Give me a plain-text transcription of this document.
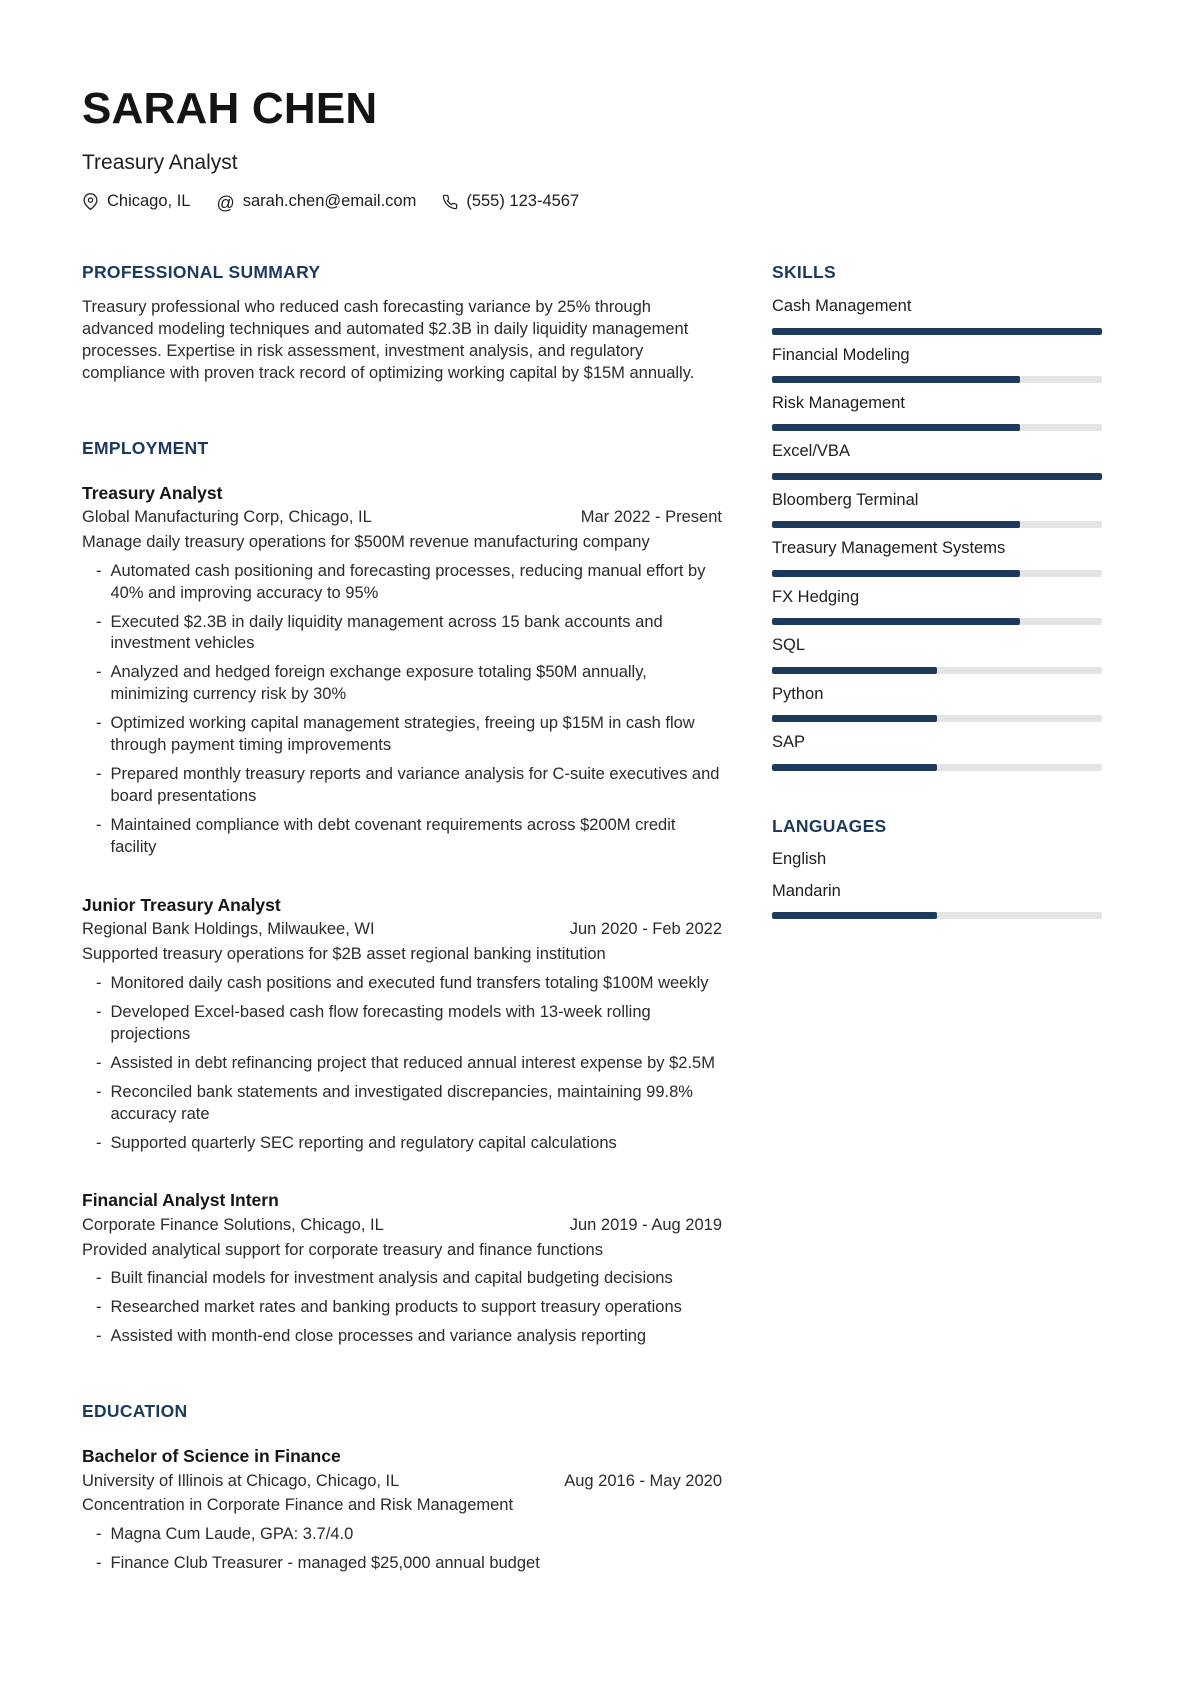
SARAH CHEN
Treasury Analyst
Chicago, IL @ sarah.chen@email.com	(555) 123-4567
PROFESSIONAL SUMMARY

Treasury professional who reduced cash forecasting variance by 25% through advanced modeling techniques and automated $2.3B in daily liquidity management processes. Expertise in risk assessment, investment analysis, and regulatory compliance with proven track record of optimizing working capital by $15M annually.

EMPLOYMENT
Treasury Analyst
Global Manufacturing Corp, Chicago, IL	Mar 2022 - Present
Manage daily treasury operations for $500M revenue manufacturing company
- Automated cash positioning and forecasting processes, reducing manual effort by 40% and improving accuracy to 95%
- Executed $2.3B in daily liquidity management across 15 bank accounts and investment vehicles
- Analyzed and hedged foreign exchange exposure totaling $50M annually, minimizing currency risk by 30%
- Optimized working capital management strategies, freeing up $15M in cash flow through payment timing improvements
- Prepared monthly treasury reports and variance analysis for C-suite executives and board presentations
- Maintained compliance with debt covenant requirements across $200M credit facility
Junior Treasury Analyst
Regional Bank Holdings, Milwaukee, WI	Jun 2020 - Feb 2022
Supported treasury operations for $2B asset regional banking institution
- Monitored daily cash positions and executed fund transfers totaling $100M weekly
- Developed Excel-based cash flow forecasting models with 13-week rolling projections
- Assisted in debt refinancing project that reduced annual interest expense by $2.5M
- Reconciled bank statements and investigated discrepancies, maintaining 99.8% accuracy rate
- Supported quarterly SEC reporting and regulatory capital calculations
Financial Analyst Intern
Corporate Finance Solutions, Chicago, IL	Jun 2019 - Aug 2019
Provided analytical support for corporate treasury and finance functions
- Built financial models for investment analysis and capital budgeting decisions
- Researched market rates and banking products to support treasury operations
- Assisted with month-end close processes and variance analysis reporting
EDUCATION
Bachelor of Science in Finance
University of Illinois at Chicago, Chicago, IL	Aug 2016 - May 2020
Concentration in Corporate Finance and Risk Management
- Magna Cum Laude, GPA: 3.7/4.0
- Finance Club Treasurer - managed $25,000 annual budget
SKILLS
Cash Management
Financial Modeling
Risk Management
Excel/VBA
Bloomberg Terminal
Treasury Management Systems
FX Hedging
SQL
Python
SAP
LANGUAGES
English
Mandarin
